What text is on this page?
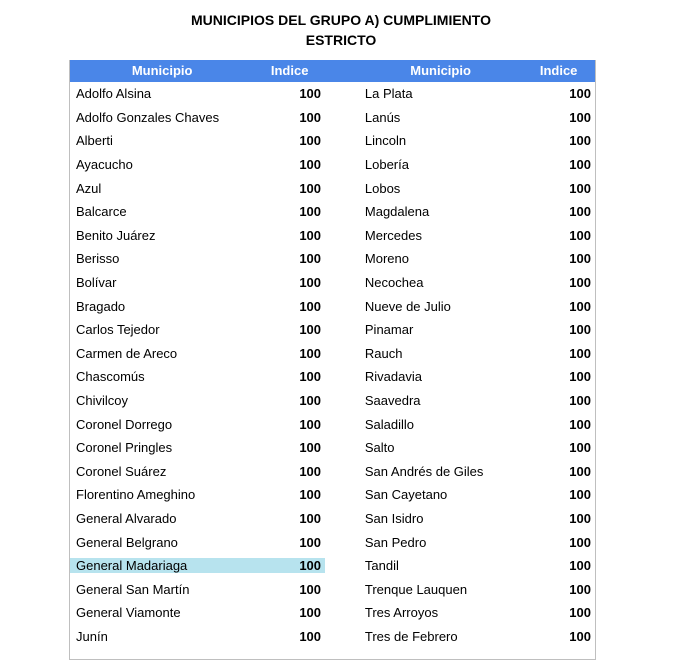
MUNICIPIOS DEL GRUPO A) CUMPLIMIENTO
ESTRICTO
Municipio	Indice	Municipio	Indice
Adolfo Alsina	100	La Plata	100
Adolfo Gonzales Chaves	100	Lanús	100
Alberti	100	Lincoln	100
Ayacucho	100	Lobería	100
Azul	100	Lobos	100
Balcarce	100	Magdalena	100
Benito Juárez	100	Mercedes	100
Berisso	100	Moreno	100
Bolívar	100	Necochea	100
Bragado	100	Nueve de Julio	100
Carlos Tejedor	100	Pinamar	100
Carmen de Areco	100	Rauch	100
Chascomús	100	Rivadavia	100
Chivilcoy	100	Saavedra	100
Coronel Dorrego	100	Saladillo	100
Coronel Pringles	100	Salto	100
Coronel Suárez	100	San Andrés de Giles	100
Florentino Ameghino	100	San Cayetano	100
General Alvarado	100	San Isidro	100
General Belgrano	100	San Pedro	100
General Madariaga	100	Tandil	100
General San Martín	100	Trenque Lauquen	100
General Viamonte	100	Tres Arroyos	100
Junín	100	Tres de Febrero	100
